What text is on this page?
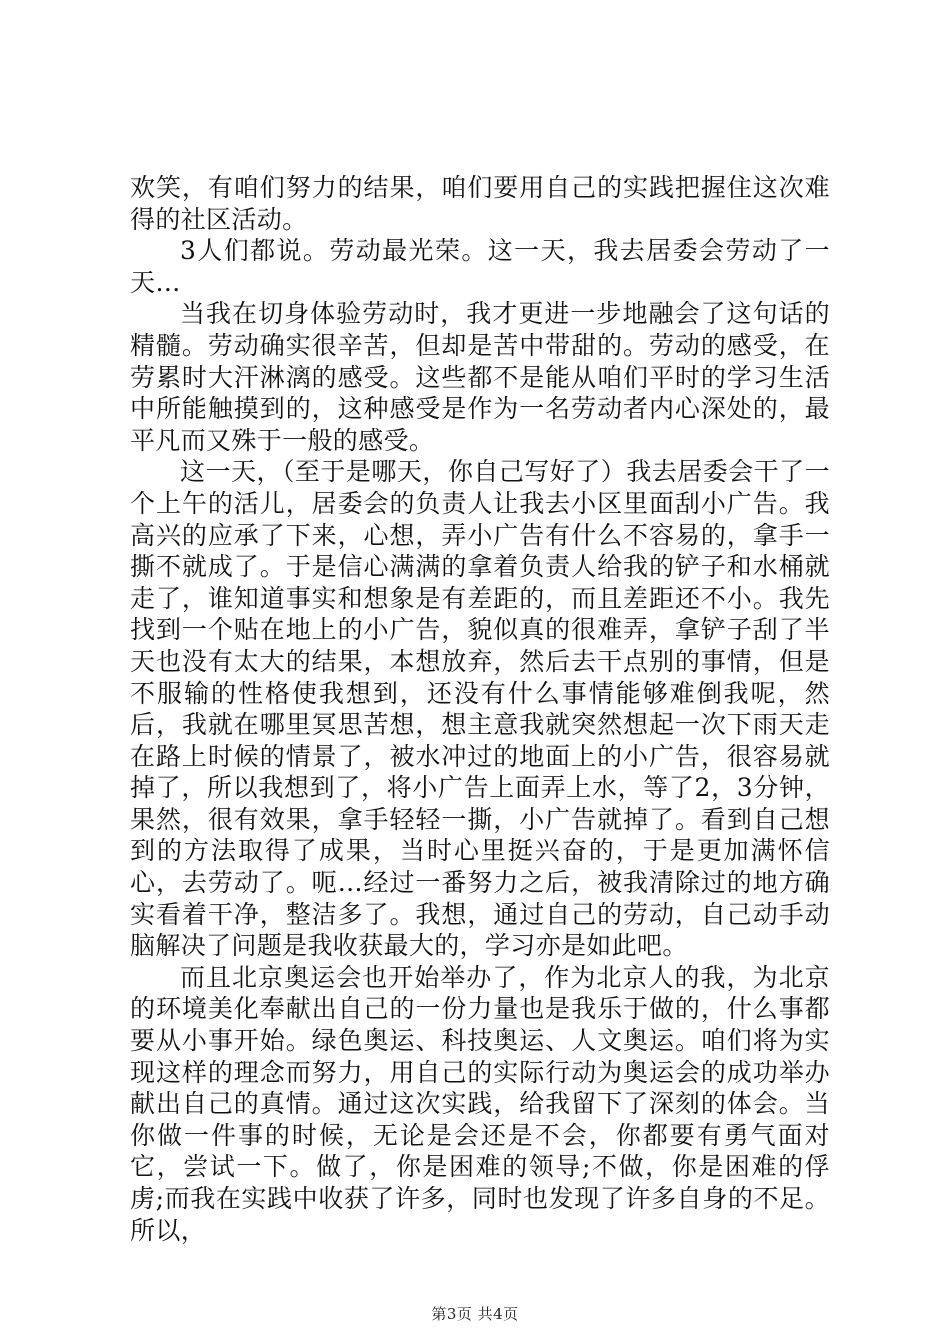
欢笑，有咱们努力的结果，咱们要用自己的实践把握住这次难得的社区活动。

3人们都说。劳动最光荣。这一天，我去居委会劳动了一天…

当我在切身体验劳动时，我才更进一步地融会了这句话的精髓。劳动确实很辛苦，但却是苦中带甜的。劳动的感受，在劳累时大汗淋漓的感受。这些都不是能从咱们平时的学习生活中所能触摸到的，这种感受是作为一名劳动者内心深处的，最平凡而又殊于一般的感受。

这一天，（至于是哪天，你自己写好了）我去居委会干了一个上午的活儿，居委会的负责人让我去小区里面刮小广告。我高兴的应承了下来，心想，弄小广告有什么不容易的，拿手一撕不就成了。于是信心满满的拿着负责人给我的铲子和水桶就走了，谁知道事实和想象是有差距的，而且差距还不小。我先找到一个贴在地上的小广告，貌似真的很难弄，拿铲子刮了半天也没有太大的结果，本想放弃，然后去干点别的事情，但是不服输的性格使我想到，还没有什么事情能够难倒我呢，然后，我就在哪里冥思苦想，想主意我就突然想起一次下雨天走在路上时候的情景了，被水冲过的地面上的小广告，很容易就掉了，所以我想到了，将小广告上面弄上水，等了2，3分钟，果然，很有效果，拿手轻轻一撕，小广告就掉了。看到自己想到的方法取得了成果，当时心里挺兴奋的，于是更加满怀信心，去劳动了。呃…经过一番努力之后，被我清除过的地方确实看着干净，整洁多了。我想，通过自己的劳动，自己动手动脑解决了问题是我收获最大的，学习亦是如此吧。

而且北京奥运会也开始举办了，作为北京人的我，为北京的环境美化奉献出自己的一份力量也是我乐于做的，什么事都要从小事开始。绿色奥运、科技奥运、人文奥运。咱们将为实现这样的理念而努力，用自己的实际行动为奥运会的成功举办献出自己的真情。通过这次实践，给我留下了深刻的体会。当你做一件事的时候，无论是会还是不会，你都要有勇气面对它，尝试一下。做了，你是困难的领导;不做，你是困难的俘虏;而我在实践中收获了许多，同时也发现了许多自身的不足。所以，

第3页 共4页
